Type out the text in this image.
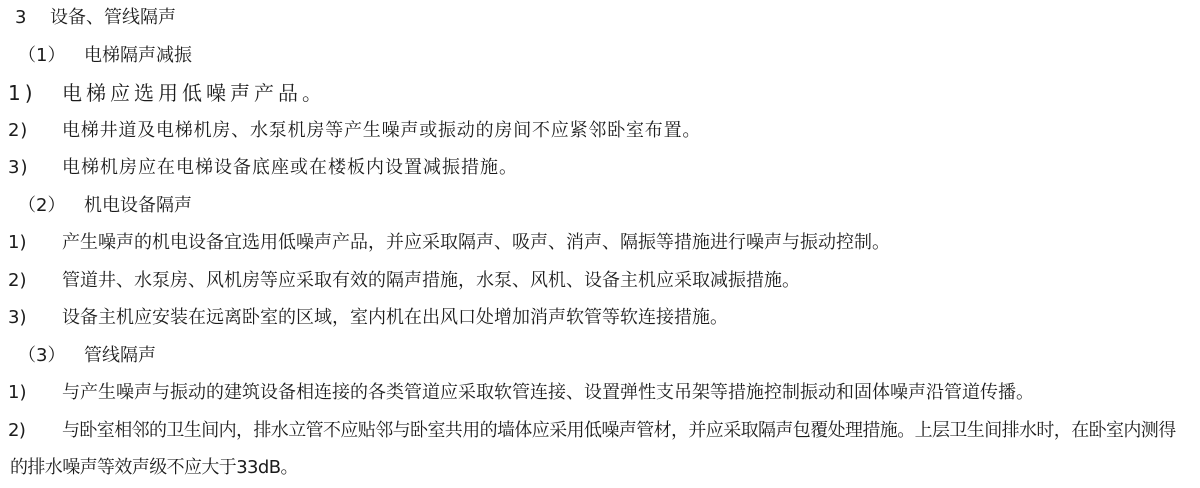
3	设备、管线隔声
（1）	电梯隔声减振
1)	电梯应选用低噪声产品。
2)	电梯井道及电梯机房、水泵机房等产生噪声或振动的房间不应紧邻卧室布置。
3)	电梯机房应在电梯设备底座或在楼板内设置减振措施。
（2）	机电设备隔声
1)	产生噪声的机电设备宜选用低噪声产品，并应采取隔声、吸声、消声、隔振等措施进行噪声与振动控制。
2)	管道井、水泵房、风机房等应采取有效的隔声措施，水泵、风机、设备主机应采取减振措施。
3)	设备主机应安装在远离卧室的区域，室内机在出风口处增加消声软管等软连接措施。
（3）	管线隔声
1)	与产生噪声与振动的建筑设备相连接的各类管道应采取软管连接、设置弹性支吊架等措施控制振动和固体噪声沿管道传播。
2)	与卧室相邻的卫生间内，排水立管不应贴邻与卧室共用的墙体应采用低噪声管材，并应采取隔声包覆处理措施。上层卫生间排水时，在卧室内测得
的排水噪声等效声级不应大于33dB。
